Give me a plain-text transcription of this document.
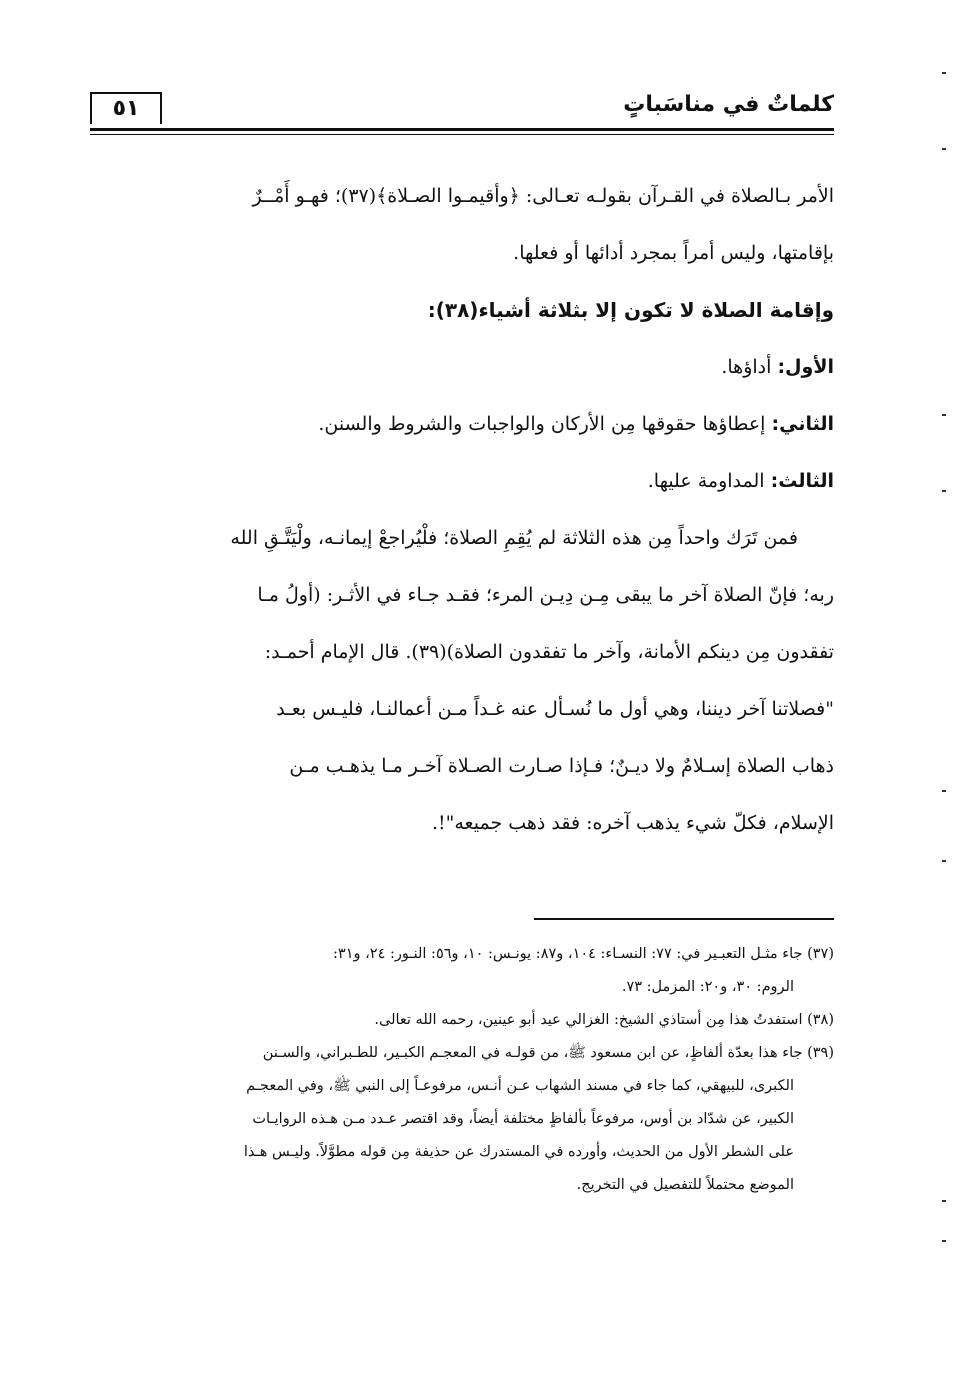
٥١	كلماتٌ في مناسَباتٍ

الأمر بـالصلاة في القـرآن بقولـه تعـالى: ﴿وأقيمـوا الصـلاة﴾(٣٧)؛ فهـو أَمْــرٌ

بإقامتها، وليس أمراً بمجرد أدائها أو فعلها.

وإقامة الصلاة لا تكون إلا بثلاثة أشياء(٣٨):

الأول: أداؤها.

الثاني: إعطاؤها حقوقها مِن الأركان والواجبات والشروط والسنن.

الثالث: المداومة عليها.

فمن تَرَك واحداً مِن هذه الثلاثة لم يُقِمِ الصلاة؛ فلْيُراجعْ إيمانـه، ولْيَتَّـقِ الله

ربه؛ فإنّ الصلاة آخر ما يبقى مِـن دِيـن المرء؛ فقـد جـاء في الأثـر: (أولُ مـا

تفقدون مِن دينكم الأمانة، وآخر ما تفقدون الصلاة)(٣٩). قال الإمام أحمـد:

"فصلاتنا آخر ديننا، وهي أول ما نُسـأل عنه غـداً مـن أعمالنـا، فليـس بعـد

ذهاب الصلاة إسـلامٌ ولا ديـنٌ؛ فـإذا صـارت الصـلاة آخـر مـا يذهـب مـن

الإسلام، فكلّ شيء يذهب آخره: فقد ذهب جميعه"!.

(٣٧) جاء مثـل التعبـير في: ٧٧: النسـاء: ١٠٤، و٨٧: يونـس: ١٠، و٥٦: النـور: ٢٤، و٣١:

الروم: ٣٠، و٢٠: المزمل: ٧٣.

(٣٨) استفدتُ هذا مِن أستاذي الشيخ: الغزالي عيد أبو عينين، رحمه الله تعالى.

(٣٩) جاء هذا بعدّة ألفاظٍ، عن ابن مسعود ﷺ، من قولـه في المعجـم الكبـير، للطـبراني، والسـنن

الكبرى، للبيهقي، كما جاء في مسند الشهاب عـن أنـس، مرفوعـاً إلى النبي ﷺ، وفي المعجـم

الكبير، عن شدّاد بن أوس، مرفوعاً بألفاظٍ مختلفة أيضاً، وقد اقتصر عـدد مـن هـذه الروايـات

على الشطر الأول من الحديث، وأورده في المستدرك عن حذيفة مِن قوله مطوَّلاً. وليـس هـذا

الموضع محتملاً للتفصيل في التخريج.
